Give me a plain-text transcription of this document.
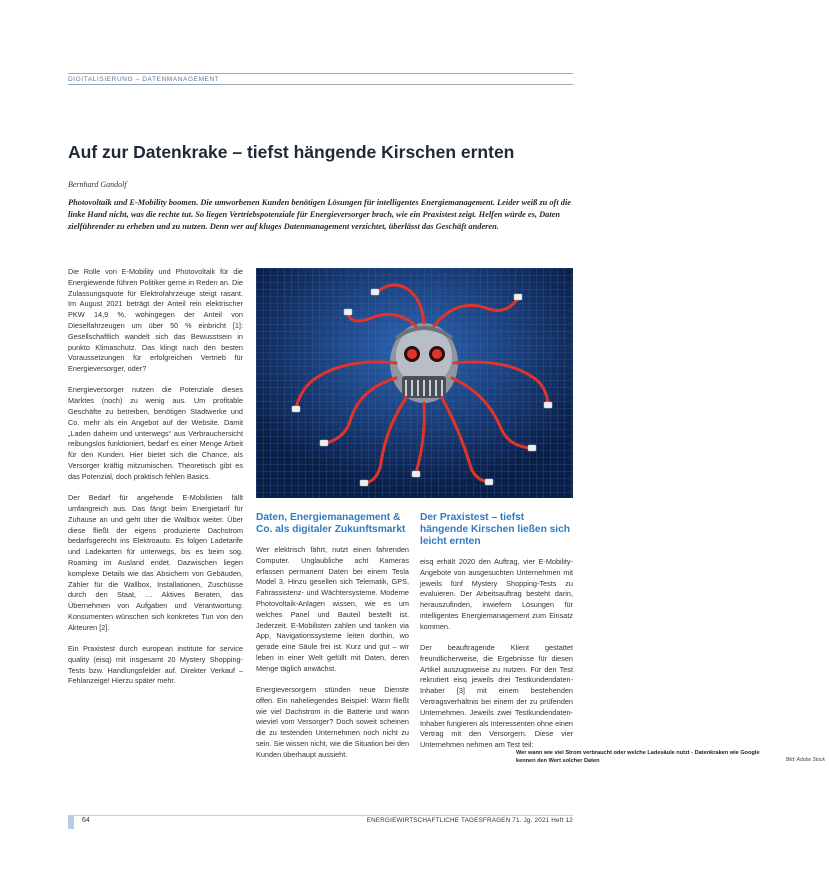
DIGITALISIERUNG – DATENMANAGEMENT
Auf zur Datenkrake – tiefst hängende Kirschen ernten
Bernhard Gandolf

Photovoltaik und E-Mobility boomen. Die umworbenen Kunden benötigen Lösungen für intelligentes Energiemanagement. Leider weiß zu oft die linke Hand nicht, was die rechte tut. So liegen Vertriebspotenziale für Energieversorger brach, wie ein Praxistest zeigt. Helfen würde es, Daten zielführender zu erheben und zu nutzen. Denn wer auf kluges Datenmanagement verzichtet, überlässt das Geschäft anderen.

Die Rolle von E-Mobility und Photovoltaik für die Energiewende führen Politiker gerne in Reden an. Die Zulassungsquote für Elektrofahrzeuge steigt rasant. Im August 2021 beträgt der Anteil rein elektrischer PKW 14,9 %, wohingegen der Anteil von Dieselfahrzeugen um über 50 % einbricht [1]: Gesellschaftlich wandelt sich das Bewusstsein in punkto Klimaschutz. Das klingt nach den besten Voraussetzungen für erfolgreichen Vertrieb für Energieversorger, oder?

Energieversorger nutzen die Potenziale dieses Marktes (noch) zu wenig aus. Um profitable Geschäfte zu betreiben, benötigen Stadtwerke und Co. mehr als ein Angebot auf der Website. Damit „Laden daheim und unterwegs“ aus Verbrauchersicht reibungslos funktioniert, bedarf es einer Menge Arbeit für den Kunden. Hier bietet sich die Chance, als Versorger kräftig mitzumischen. Theoretisch gibt es das Potenzial, doch praktisch fehlen Basics.

Der Bedarf für angehende E-Mobilisten fällt umfangreich aus. Das fängt beim Energietarif für Zuhause an und geht über die Wallbox weiter. Über diese fließt der eigens produzierte Dachstrom bedarfsgerecht ins Elektroauto. Es folgen Ladetarife und Ladekarten für unterwegs, bis es beim sog. Roaming im Ausland endet. Dazwischen liegen komplexe Details wie das Absichern von Gebäuden, Zähler für die Wallbox, Installationen, Zuschüsse durch den Staat, … Aktives Beraten, das Übernehmen von Aufgaben und Verantwortung: Konsumenten wünschen sich konkretes Tun von den Akteuren [2].

Ein Praxistest durch european institute for service quality (eisq) mit insgesamt 20 Mystery Shopping-Tests bzw. Handlungsfelder auf. Direkter Verkauf – Fehlanzeige! Hierzu später mehr.

Wer wann wie viel Strom verbraucht oder welche Ladesäule nutzt - Datenkraken wie Google kennen den Wert solcher Daten	Bild: Adobe Stock
Daten, Energiemanagement & Co. als digitaler Zukunftsmarkt

Wer elektrisch fährt, nutzt einen fahrenden Computer. Unglaubliche acht Kameras erfassen permanent Daten bei einem Tesla Model 3. Hinzu gesellen sich Telematik, GPS, Fahrassistenz- und Wächtersysteme. Moderne Photovoltaik-Anlagen wissen, wie es um welches Panel und Bauteil bestellt ist. Jederzeit. E-Mobilisten zahlen und tanken via App, Navigationssysteme leiten dorthin, wo gerade eine Säule frei ist. Kurz und gut – wir leben in einer Welt gefüllt mit Daten, deren Menge täglich anwächst.

Energieversorgern stünden neue Dienste offen. Ein naheliegendes Beispiel: Wann fließt wie viel Dachstrom in die Batterie und wann wieviel vom Versorger? Doch soweit scheinen die zu testenden Unternehmen noch nicht zu sein. Sie wissen nicht, wie die Situation bei den Kunden überhaupt aussieht.

Der Praxistest – tiefst hängende Kirschen ließen sich leicht ernten

eisq erhält 2020 den Auftrag, vier E-Mobility-Angebote von ausgesuchten Unternehmen mit jeweils fünf Mystery Shopping-Tests zu evaluieren. Der Arbeitsauftrag besteht darin, herauszufinden, inwiefern Lösungen für intelligentes Energiemanagement zum Einsatz kommen.

Der beauftragende Klient gestattet freundlicherweise, die Ergebnisse für diesen Artikel auszugsweise zu nutzen. Für den Test rekrutiert eisq jeweils drei Testkundendaten-Inhaber [3] mit einem bestehenden Vertragsverhältnis bei einem der zu prüfenden Unternehmen. Jeweils zwei Testkundendaten-Inhaber fungieren als Interessenten ohne einen Vertrag mit den Versorgern. Diese vier Unternehmen nehmen am Test teil:

64	ENERGIEWIRTSCHAFTLICHE TAGESFRAGEN 71. Jg. 2021 Heft 12
